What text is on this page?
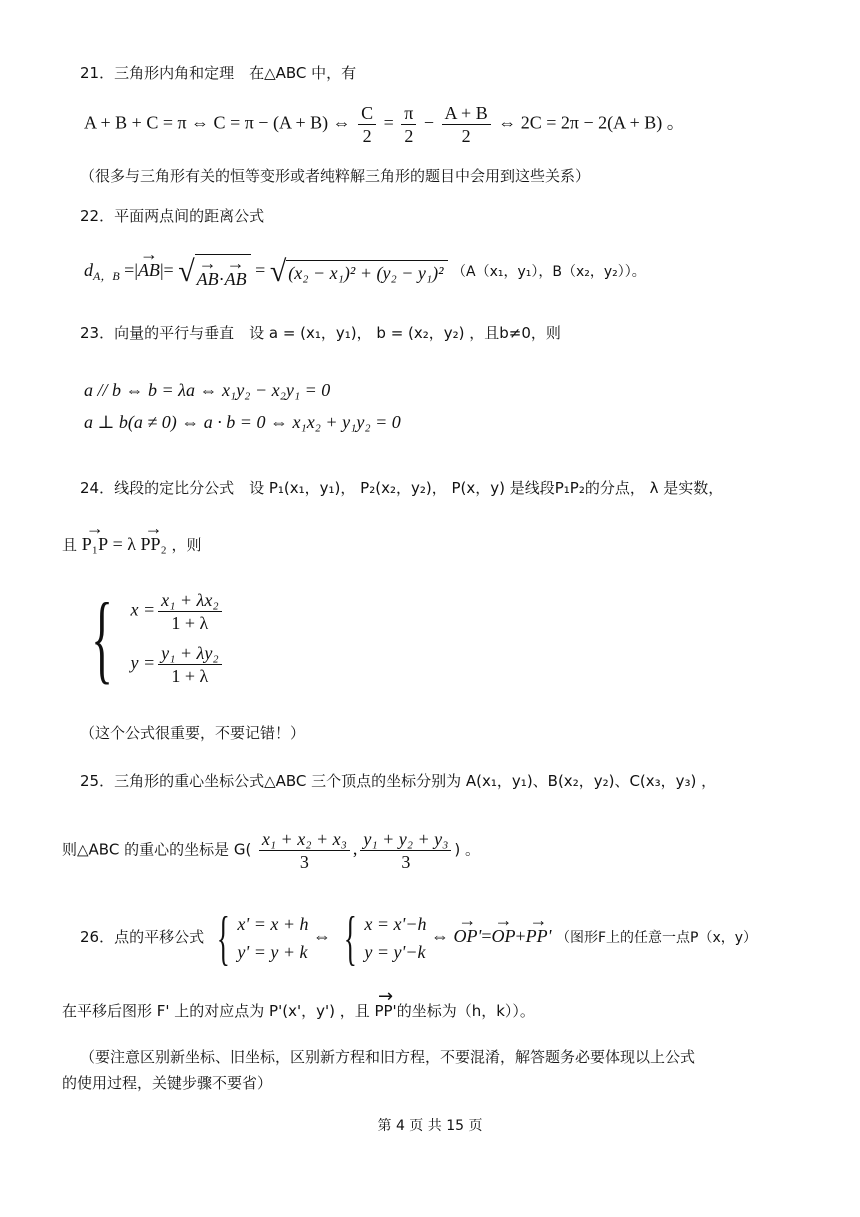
21．三角形内角和定理　在△ABC 中，有
A + B + C = π ⇔ C = π − (A + B) ⇔ $\frac{C}{2} = \frac{\pi}{2} - \frac{A + B}{2}$ ⇔ 2C = 2π − 2(A + B) 。
（很多与三角形有关的恒等变形或者纯粹解三角形的题目中会用到这些关系）
22．平面两点间的距离公式
$d_{A,B}$ =|→ AB|= √ → AB·→ AB = √ (x₂ − x₁)² + (y₂ − y₁)² （A（x₁，y₁），B（x₂，y₂））。
23．向量的平行与垂直　设 a = (x₁，y₁)， b = (x₂，y₂) ，且b≠0，则
a // b ⇔ b = λa ⇔ x₁y₂ − x₂y₁ = 0
a ⊥ b(a ≠ 0) ⇔ a · b = 0 ⇔ x₁x₂ + y₁y₂ = 0
24．线段的定比分公式　设 P₁(x₁，y₁)， P₂(x₂，y₂)， P(x，y) 是线段P₁P₂的分点， λ 是实数，
且 → P₁P = λ → PP₂ ，则
{ $x = \frac{\text{x₁ + λx₂}}{1 + \lambda}$
$y = \frac{\text{y₁ + λy₂}}{1 + \lambda}$
（这个公式很重要，不要记错！）
25．三角形的重心坐标公式△ABC 三个顶点的坐标分别为 A(x₁，y₁)、B(x₂，y₂)、C(x₃，y₃) ，
则△ABC 的重心的坐标是 $G( \frac{\text{x₁ + x₂ + x₃}}{3}$ , $\frac{\text{y₁ + y₂ + y₃}}{3}$ ) 。
26．点的平移公式 { x' = x + h
y' = y + k
⇔ { x = x'−h
y = y'−k
⇔ → OP'=→ OP+→ PP' （图形F上的任意一点P（x，y）
在平移后图形 F' 上的对应点为 P'(x'，y') ，且 → PP'的坐标为（h，k））。
（要注意区别新坐标、旧坐标，区别新方程和旧方程，不要混淆，解答题务必要体现以上公式
的使用过程，关键步骤不要省）
第 4 页 共 15 页
